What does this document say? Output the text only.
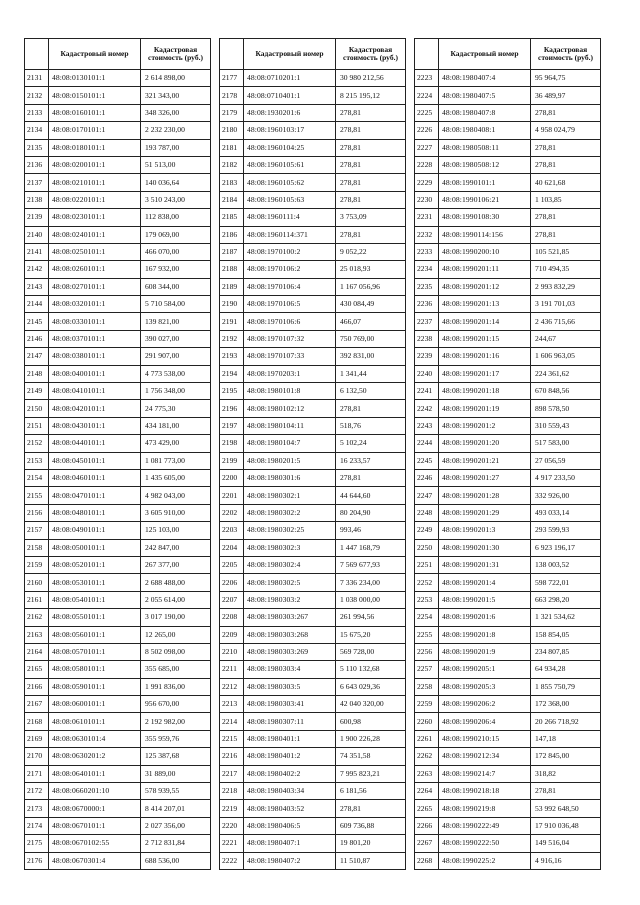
	Кадастровый номер	Кадастровая стоимость (руб.)
2131	48:08:0130101:1	2 614 898,00
2132	48:08:0150101:1	321 343,00
2133	48:08:0160101:1	348 326,00
2134	48:08:0170101:1	2 232 230,00
2135	48:08:0180101:1	193 787,00
2136	48:08:0200101:1	51 513,00
2137	48:08:0210101:1	140 036,64
2138	48:08:0220101:1	3 510 243,00
2139	48:08:0230101:1	112 838,00
2140	48:08:0240101:1	179 069,00
2141	48:08:0250101:1	466 070,00
2142	48:08:0260101:1	167 932,00
2143	48:08:0270101:1	608 344,00
2144	48:08:0320101:1	5 710 584,00
2145	48:08:0330101:1	139 821,00
2146	48:08:0370101:1	390 027,00
2147	48:08:0380101:1	291 907,00
2148	48:08:0400101:1	4 773 538,00
2149	48:08:0410101:1	1 756 348,00
2150	48:08:0420101:1	24 775,30
2151	48:08:0430101:1	434 181,00
2152	48:08:0440101:1	473 429,00
2153	48:08:0450101:1	1 081 773,00
2154	48:08:0460101:1	1 435 605,00
2155	48:08:0470101:1	4 982 043,00
2156	48:08:0480101:1	3 605 910,00
2157	48:08:0490101:1	125 103,00
2158	48:08:0500101:1	242 847,00
2159	48:08:0520101:1	267 377,00
2160	48:08:0530101:1	2 688 488,00
2161	48:08:0540101:1	2 055 614,00
2162	48:08:0550101:1	3 017 190,00
2163	48:08:0560101:1	12 265,00
2164	48:08:0570101:1	8 502 098,00
2165	48:08:0580101:1	355 685,00
2166	48:08:0590101:1	1 991 836,00
2167	48:08:0600101:1	956 670,00
2168	48:08:0610101:1	2 192 982,00
2169	48:08:0630101:4	355 959,76
2170	48:08:0630201:2	125 387,68
2171	48:08:0640101:1	31 889,00
2172	48:08:0660201:10	578 939,55
2173	48:08:0670000:1	8 414 207,01
2174	48:08:0670101:1	2 027 356,00
2175	48:08:0670102:55	2 712 831,84
2176	48:08:0670301:4	688 536,00
	Кадастровый номер	Кадастровая стоимость (руб.)
2177	48:08:0710201:1	30 980 212,56
2178	48:08:0710401:1	8 215 195,12
2179	48:08:1930201:6	278,81
2180	48:08:1960103:17	278,81
2181	48:08:1960104:25	278,81
2182	48:08:1960105:61	278,81
2183	48:08:1960105:62	278,81
2184	48:08:1960105:63	278,81
2185	48:08:1960111:4	3 753,09
2186	48:08:1960114:371	278,81
2187	48:08:1970100:2	9 052,22
2188	48:08:1970106:2	25 018,93
2189	48:08:1970106:4	1 167 056,96
2190	48:08:1970106:5	430 084,49
2191	48:08:1970106:6	466,07
2192	48:08:1970107:32	750 769,00
2193	48:08:1970107:33	392 831,00
2194	48:08:1970203:1	1 341,44
2195	48:08:1980101:8	6 132,50
2196	48:08:1980102:12	278,81
2197	48:08:1980104:11	518,76
2198	48:08:1980104:7	5 102,24
2199	48:08:1980201:5	16 233,57
2200	48:08:1980301:6	278,81
2201	48:08:1980302:1	44 644,60
2202	48:08:1980302:2	80 204,90
2203	48:08:1980302:25	993,46
2204	48:08:1980302:3	1 447 168,79
2205	48:08:1980302:4	7 569 677,93
2206	48:08:1980302:5	7 336 234,00
2207	48:08:1980303:2	1 038 000,00
2208	48:08:1980303:267	261 994,56
2209	48:08:1980303:268	15 675,20
2210	48:08:1980303:269	569 728,00
2211	48:08:1980303:4	5 110 132,68
2212	48:08:1980303:5	6 643 029,36
2213	48:08:1980303:41	42 040 320,00
2214	48:08:1980307:11	600,98
2215	48:08:1980401:1	1 900 226,28
2216	48:08:1980401:2	74 351,58
2217	48:08:1980402:2	7 995 823,21
2218	48:08:1980403:34	6 181,56
2219	48:08:1980403:52	278,81
2220	48:08:1980406:5	609 736,88
2221	48:08:1980407:1	19 801,20
2222	48:08:1980407:2	11 510,87
	Кадастровый номер	Кадастровая стоимость (руб.)
2223	48:08:1980407:4	95 964,75
2224	48:08:1980407:5	36 489,97
2225	48:08:1980407:8	278,81
2226	48:08:1980408:1	4 958 024,79
2227	48:08:1980508:11	278,81
2228	48:08:1980508:12	278,81
2229	48:08:1990101:1	40 621,68
2230	48:08:1990106:21	1 103,85
2231	48:08:1990108:30	278,81
2232	48:08:1990114:156	278,81
2233	48:08:1990200:10	105 521,85
2234	48:08:1990201:11	710 494,35
2235	48:08:1990201:12	2 993 832,29
2236	48:08:1990201:13	3 191 701,03
2237	48:08:1990201:14	2 436 715,66
2238	48:08:1990201:15	244,67
2239	48:08:1990201:16	1 606 963,05
2240	48:08:1990201:17	224 361,62
2241	48:08:1990201:18	670 848,56
2242	48:08:1990201:19	898 578,50
2243	48:08:1990201:2	310 559,43
2244	48:08:1990201:20	517 583,00
2245	48:08:1990201:21	27 056,59
2246	48:08:1990201:27	4 917 233,50
2247	48:08:1990201:28	332 926,00
2248	48:08:1990201:29	493 033,14
2249	48:08:1990201:3	293 599,93
2250	48:08:1990201:30	6 923 196,17
2251	48:08:1990201:31	138 003,52
2252	48:08:1990201:4	598 722,01
2253	48:08:1990201:5	663 298,20
2254	48:08:1990201:6	1 321 534,62
2255	48:08:1990201:8	158 854,05
2256	48:08:1990201:9	234 807,85
2257	48:08:1990205:1	64 934,28
2258	48:08:1990205:3	1 855 750,79
2259	48:08:1990206:2	172 368,00
2260	48:08:1990206:4	20 266 718,92
2261	48:08:1990210:15	147,18
2262	48:08:1990212:34	172 845,00
2263	48:08:1990214:7	318,82
2264	48:08:1990218:18	278,81
2265	48:08:1990219:8	53 992 648,50
2266	48:08:1990222:49	17 910 036,48
2267	48:08:1990222:50	149 516,04
2268	48:08:1990225:2	4 916,16
